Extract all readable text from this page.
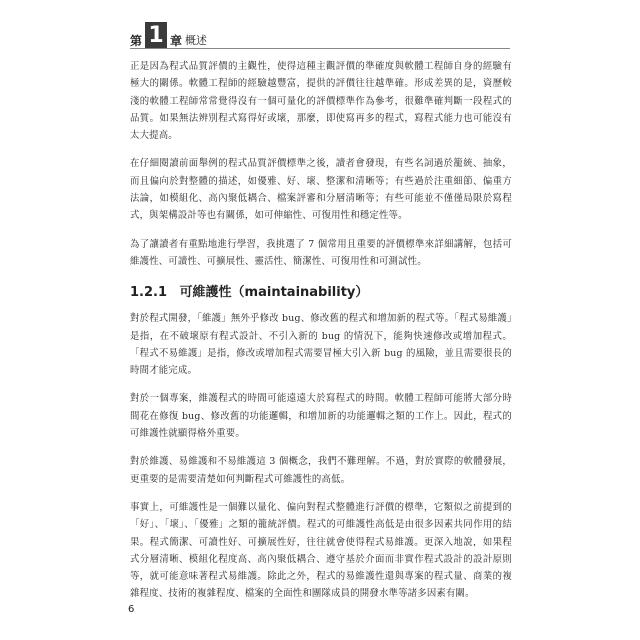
第 1 章 概述

正是因為程式品質評價的主觀性，使得這種主觀評價的準確度與軟體工程師自身的經驗有極大的關係。軟體工程師的經驗越豐富，提供的評價往往越準確。形成差異的是，資歷較淺的軟體工程師常常覺得沒有一個可量化的評價標準作為參考，很難準確判斷一段程式的品質。如果無法辨別程式寫得好或壞，那麼，即使寫再多的程式，寫程式能力也可能沒有太大提高。

在仔細閱讀前面舉例的程式品質評價標準之後，讀者會發現，有些名詞過於籠統、抽象，而且偏向於對整體的描述，如優雅、好、壞、整潔和清晰等；有些過於注重細節、偏重方法論，如模組化、高內聚低耦合、檔案評審和分層清晰等；有些可能並不僅僅局限於寫程式，與架構設計等也有關係，如可伸縮性、可復用性和穩定性等。

為了讓讀者有重點地進行學習，我挑選了 7 個常用且重要的評價標準來詳細講解，包括可維護性、可讀性、可擴展性、靈活性、簡潔性、可復用性和可測試性。

1.2.1 可維護性（maintainability）

對於程式開發，「維護」無外乎修改 bug、修改舊的程式和增加新的程式等。「程式易維護」是指，在不破壞原有程式設計、不引入新的 bug 的情況下，能夠快速修改或增加程式。「程式不易維護」是指，修改或增加程式需要冒極大引入新 bug 的風險，並且需要很長的時間才能完成。

對於一個專案，維護程式的時間可能遠遠大於寫程式的時間。軟體工程師可能將大部分時間花在修復 bug、修改舊的功能邏輯，和增加新的功能邏輯之類的工作上。因此，程式的可維護性就顯得格外重要。

對於維護、易維護和不易維護這 3 個概念，我們不難理解。不過，對於實際的軟體發展，更重要的是需要清楚如何判斷程式可維護性的高低。

事實上，可維護性是一個難以量化、偏向對程式整體進行評價的標準，它類似之前提到的「好」、「壞」、「優雅」之類的籠統評價。程式的可維護性高低是由很多因素共同作用的結果。程式簡潔、可讀性好、可擴展性好，往往就會使得程式易維護。更深入地說，如果程式分層清晰、模組化程度高、高內聚低耦合、遵守基於介面而非實作程式設計的設計原則等，就可能意味著程式易維護。除此之外，程式的易維護性還與專案的程式量、商業的複雜程度、技術的複雜程度、檔案的全面性和團隊成員的開發水準等諸多因素有關。

6
